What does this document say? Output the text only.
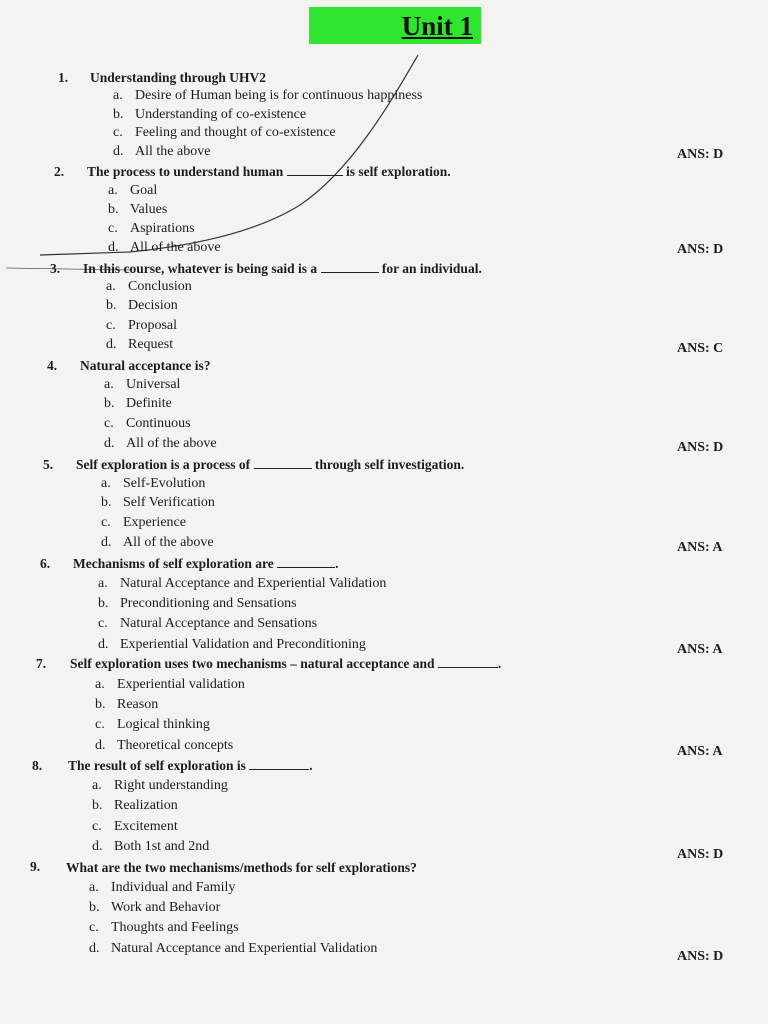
Unit 1
1. Understanding through UHV2
a. Desire of Human being is for continuous happiness
b. Understanding of co-existence
c. Feeling and thought of co-existence
d. All the above	ANS: D
2. The process to understand human	is self exploration.
a. Goal
b. Values
c. Aspirations
d. All of the above	ANS: D
3. In this course, whatever is being said is a	for an individual.
a. Conclusion
b. Decision
c. Proposal
d. Request	ANS: C
4. Natural acceptance is?
a. Universal
b. Definite
c. Continuous
d. All of the above	ANS: D
5. Self exploration is a process of	through self investigation.
a. Self-Evolution
b. Self Verification
c. Experience
d. All of the above	ANS: A
6. Mechanisms of self exploration are	.
a. Natural Acceptance and Experiential Validation
b. Preconditioning and Sensations
c. Natural Acceptance and Sensations
d. Experiential Validation and Preconditioning	ANS: A
7. Self exploration uses two mechanisms – natural acceptance and	.
a. Experiential validation
b. Reason
c. Logical thinking
d. Theoretical concepts	ANS: A
8. The result of self exploration is	.
a. Right understanding
b. Realization
c. Excitement
d. Both 1st and 2nd
ANS: D
9. What are the two mechanisms/methods for self explorations?
a. Individual and Family
b. Work and Behavior
c. Thoughts and Feelings
d. Natural Acceptance and Experiential Validation
ANS: D
